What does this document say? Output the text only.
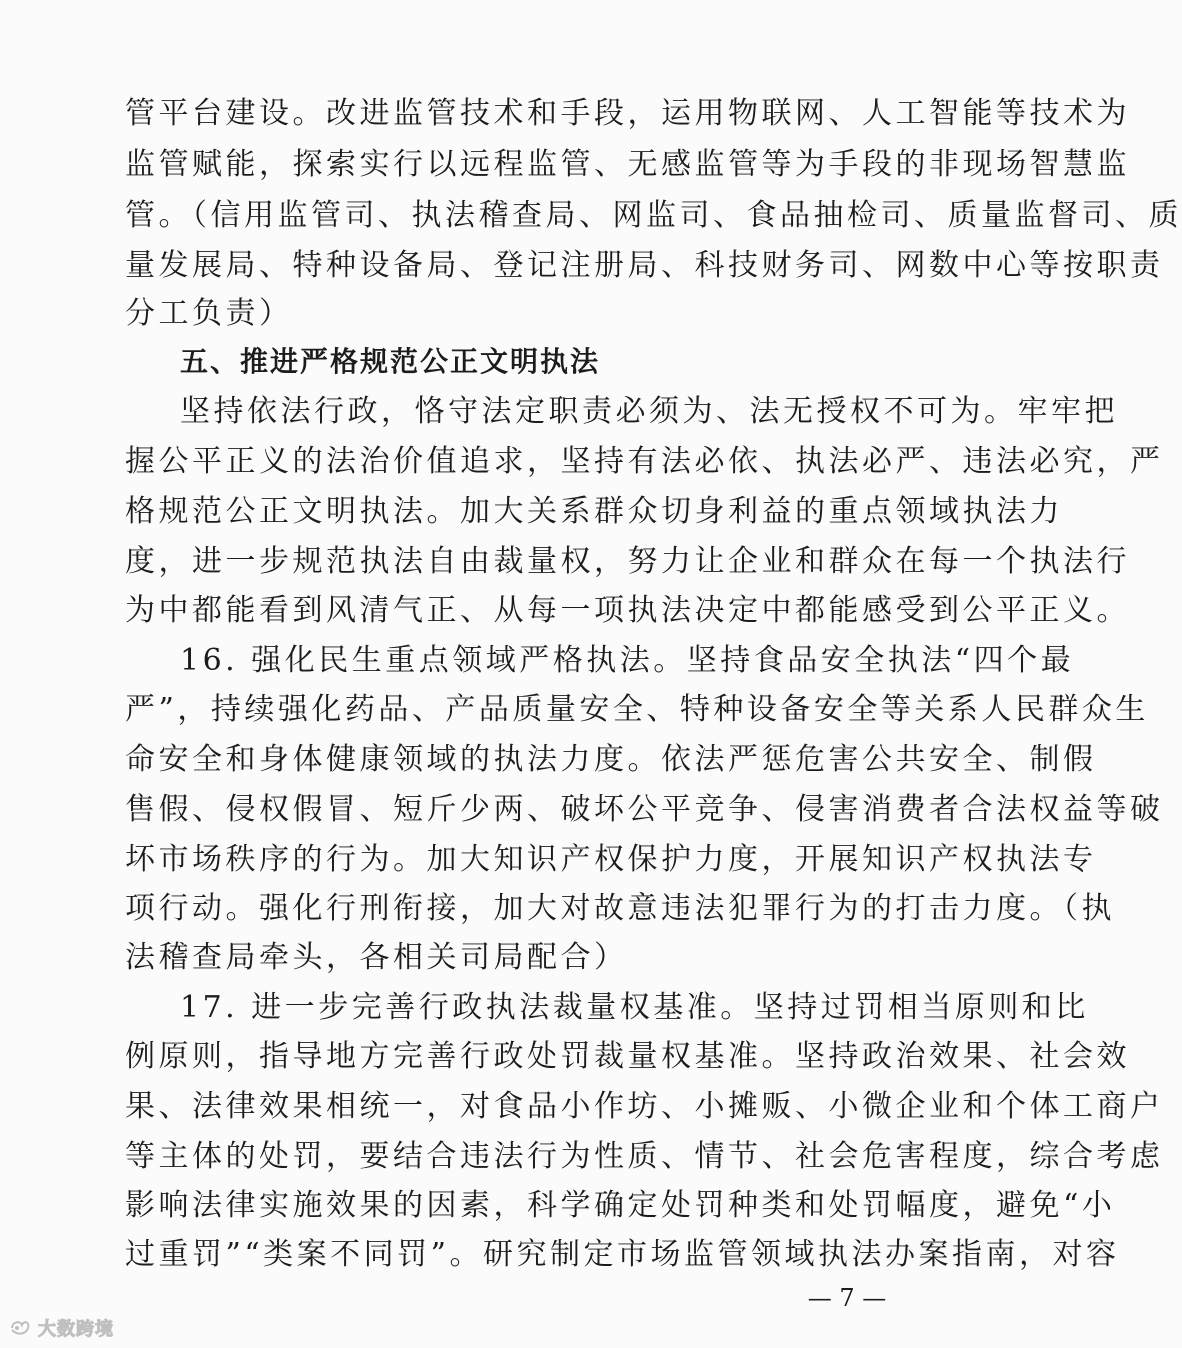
管平台建设。改进监管技术和手段，运用物联网、人工智能等技术为
监管赋能，探索实行以远程监管、无感监管等为手段的非现场智慧监
管。（信用监管司、执法稽查局、网监司、食品抽检司、质量监督司、质
量发展局、特种设备局、登记注册局、科技财务司、网数中心等按职责
分工负责）
五、推进严格规范公正文明执法
坚持依法行政，恪守法定职责必须为、法无授权不可为。牢牢把
握公平正义的法治价值追求，坚持有法必依、执法必严、违法必究，严
格规范公正文明执法。加大关系群众切身利益的重点领域执法力
度，进一步规范执法自由裁量权，努力让企业和群众在每一个执法行
为中都能看到风清气正、从每一项执法决定中都能感受到公平正义。
16. 强化民生重点领域严格执法。坚持食品安全执法“四个最
严”，持续强化药品、产品质量安全、特种设备安全等关系人民群众生
命安全和身体健康领域的执法力度。依法严惩危害公共安全、制假
售假、侵权假冒、短斤少两、破坏公平竞争、侵害消费者合法权益等破
坏市场秩序的行为。加大知识产权保护力度，开展知识产权执法专
项行动。强化行刑衔接，加大对故意违法犯罪行为的打击力度。（执
法稽查局牵头，各相关司局配合）
17. 进一步完善行政执法裁量权基准。坚持过罚相当原则和比
例原则，指导地方完善行政处罚裁量权基准。坚持政治效果、社会效
果、法律效果相统一，对食品小作坊、小摊贩、小微企业和个体工商户
等主体的处罚，要结合违法行为性质、情节、社会危害程度，综合考虑
影响法律实施效果的因素，科学确定处罚种类和处罚幅度，避免“小
过重罚”“类案不同罚”。研究制定市场监管领域执法办案指南，对容
— 7 —
大数跨境
